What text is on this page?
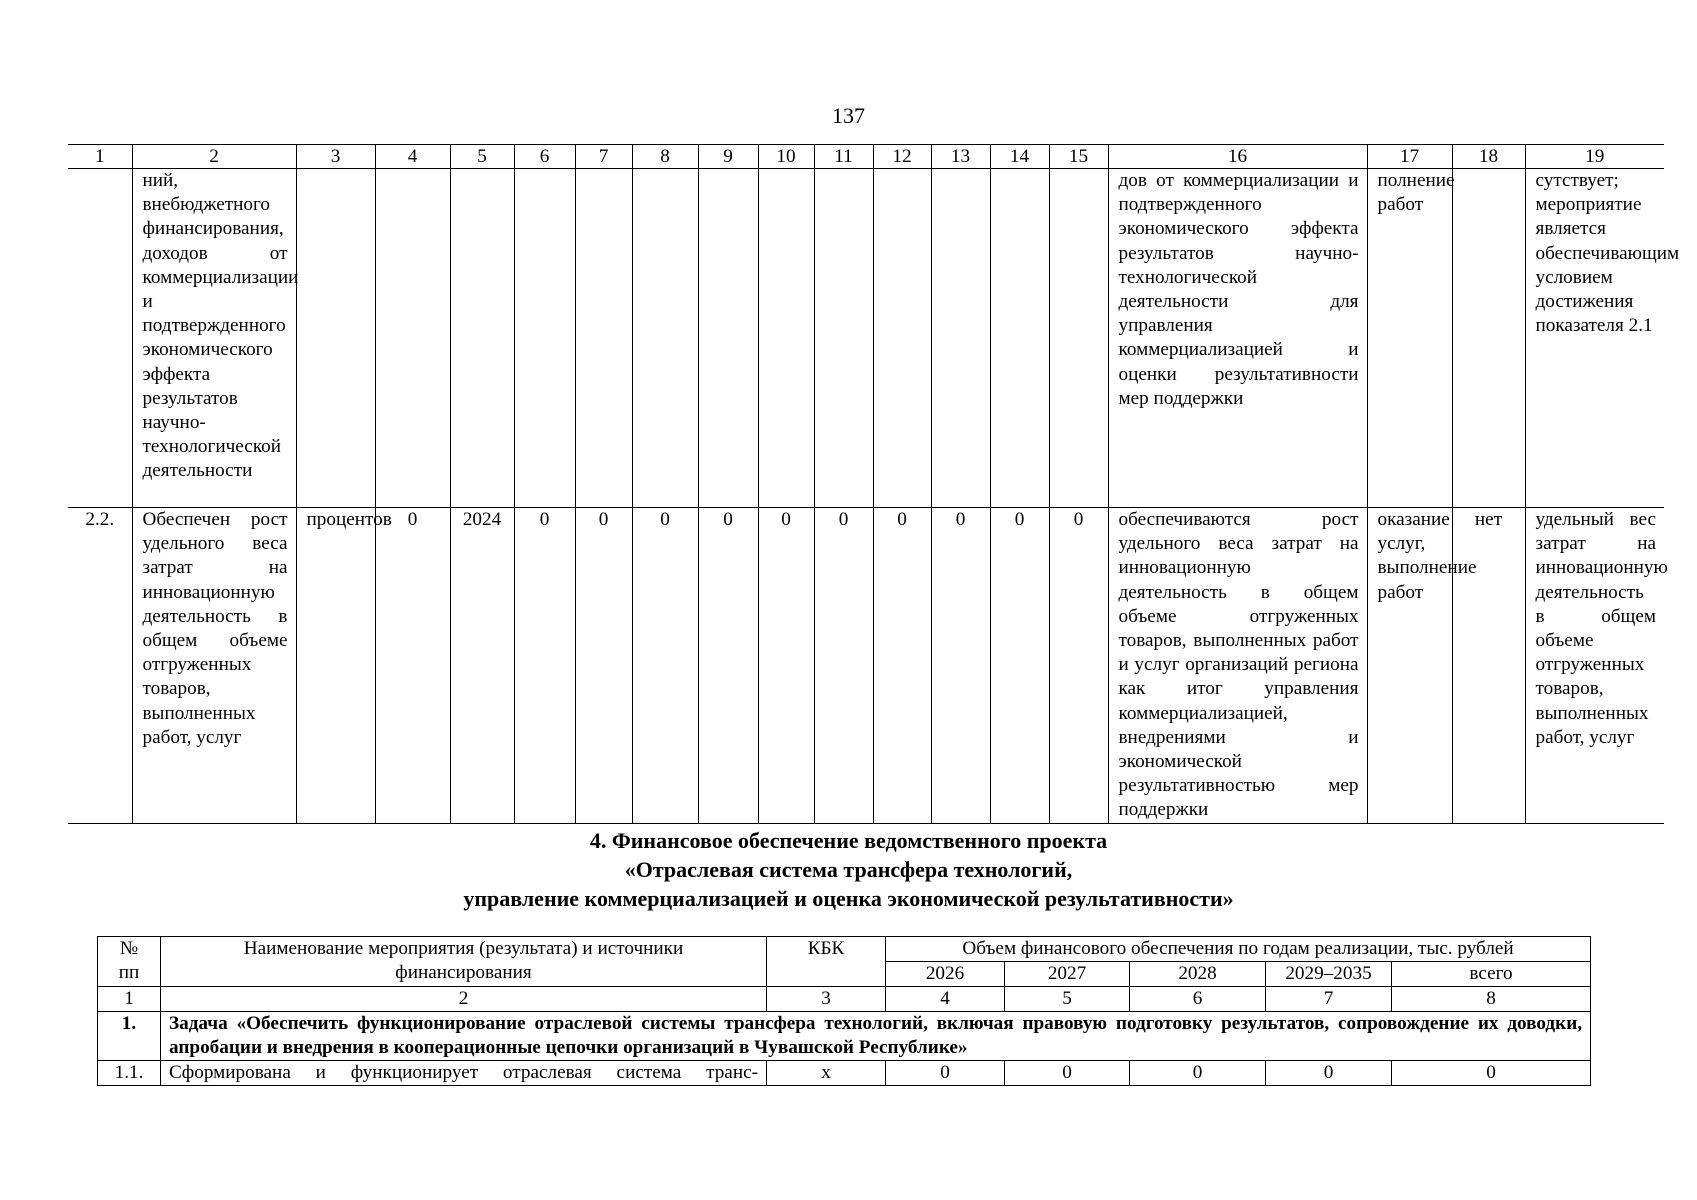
137
1	2	3	4	5	6	7	8	9	10	11	12	13	14	15	16	17	18	19
	ний, внебюджетного финансирования, доходов от коммерциализации и подтвержденного экономического эффекта результатов научно-технологической деятельности														дов от коммерциализации и подтвержденного экономического эффекта результатов научно-технологической деятельности для управления коммерциализацией и оценки результативности мер поддержки	полнение работ		сутствует; мероприятие является обеспечивающим условием достижения показателя 2.1
2.2.	Обеспечен рост удельного веса затрат на инновационную деятельность в общем объеме отгруженных товаров, выполненных работ, услуг	процентов	0	2024	0	0	0	0	0	0	0	0	0	0	обеспечиваются рост удельного веса затрат на инновационную деятельность в общем объеме отгруженных товаров, выполненных работ и услуг организаций региона как итог управления коммерциализацией, внедрениями и экономической результативностью мер поддержки	оказание услуг, выполнение работ	нет	удельный вес затрат на инновационную деятельность в общем объеме отгруженных товаров, выполненных работ, услуг
4. Финансовое обеспечение ведомственного проекта
«Отраслевая система трансфера технологий,
управление коммерциализацией и оценка экономической результативности»
№ пп	Наименование мероприятия (результата) и источники финансирования	КБК	Объем финансового обеспечения по годам реализации, тыс. рублей				
			2026	2027	2028	2029–2035	всего
1	2	3	4	5	6	7	8
1.	Задача «Обеспечить функционирование отраслевой системы трансфера технологий, включая правовую подготовку результатов, сопровождение их доводки, апробации и внедрения в кооперационные цепочки организаций в Чувашской Республике»						
1.1.	Сформирована и функционирует отраслевая система транс-	х	0	0	0	0	0
